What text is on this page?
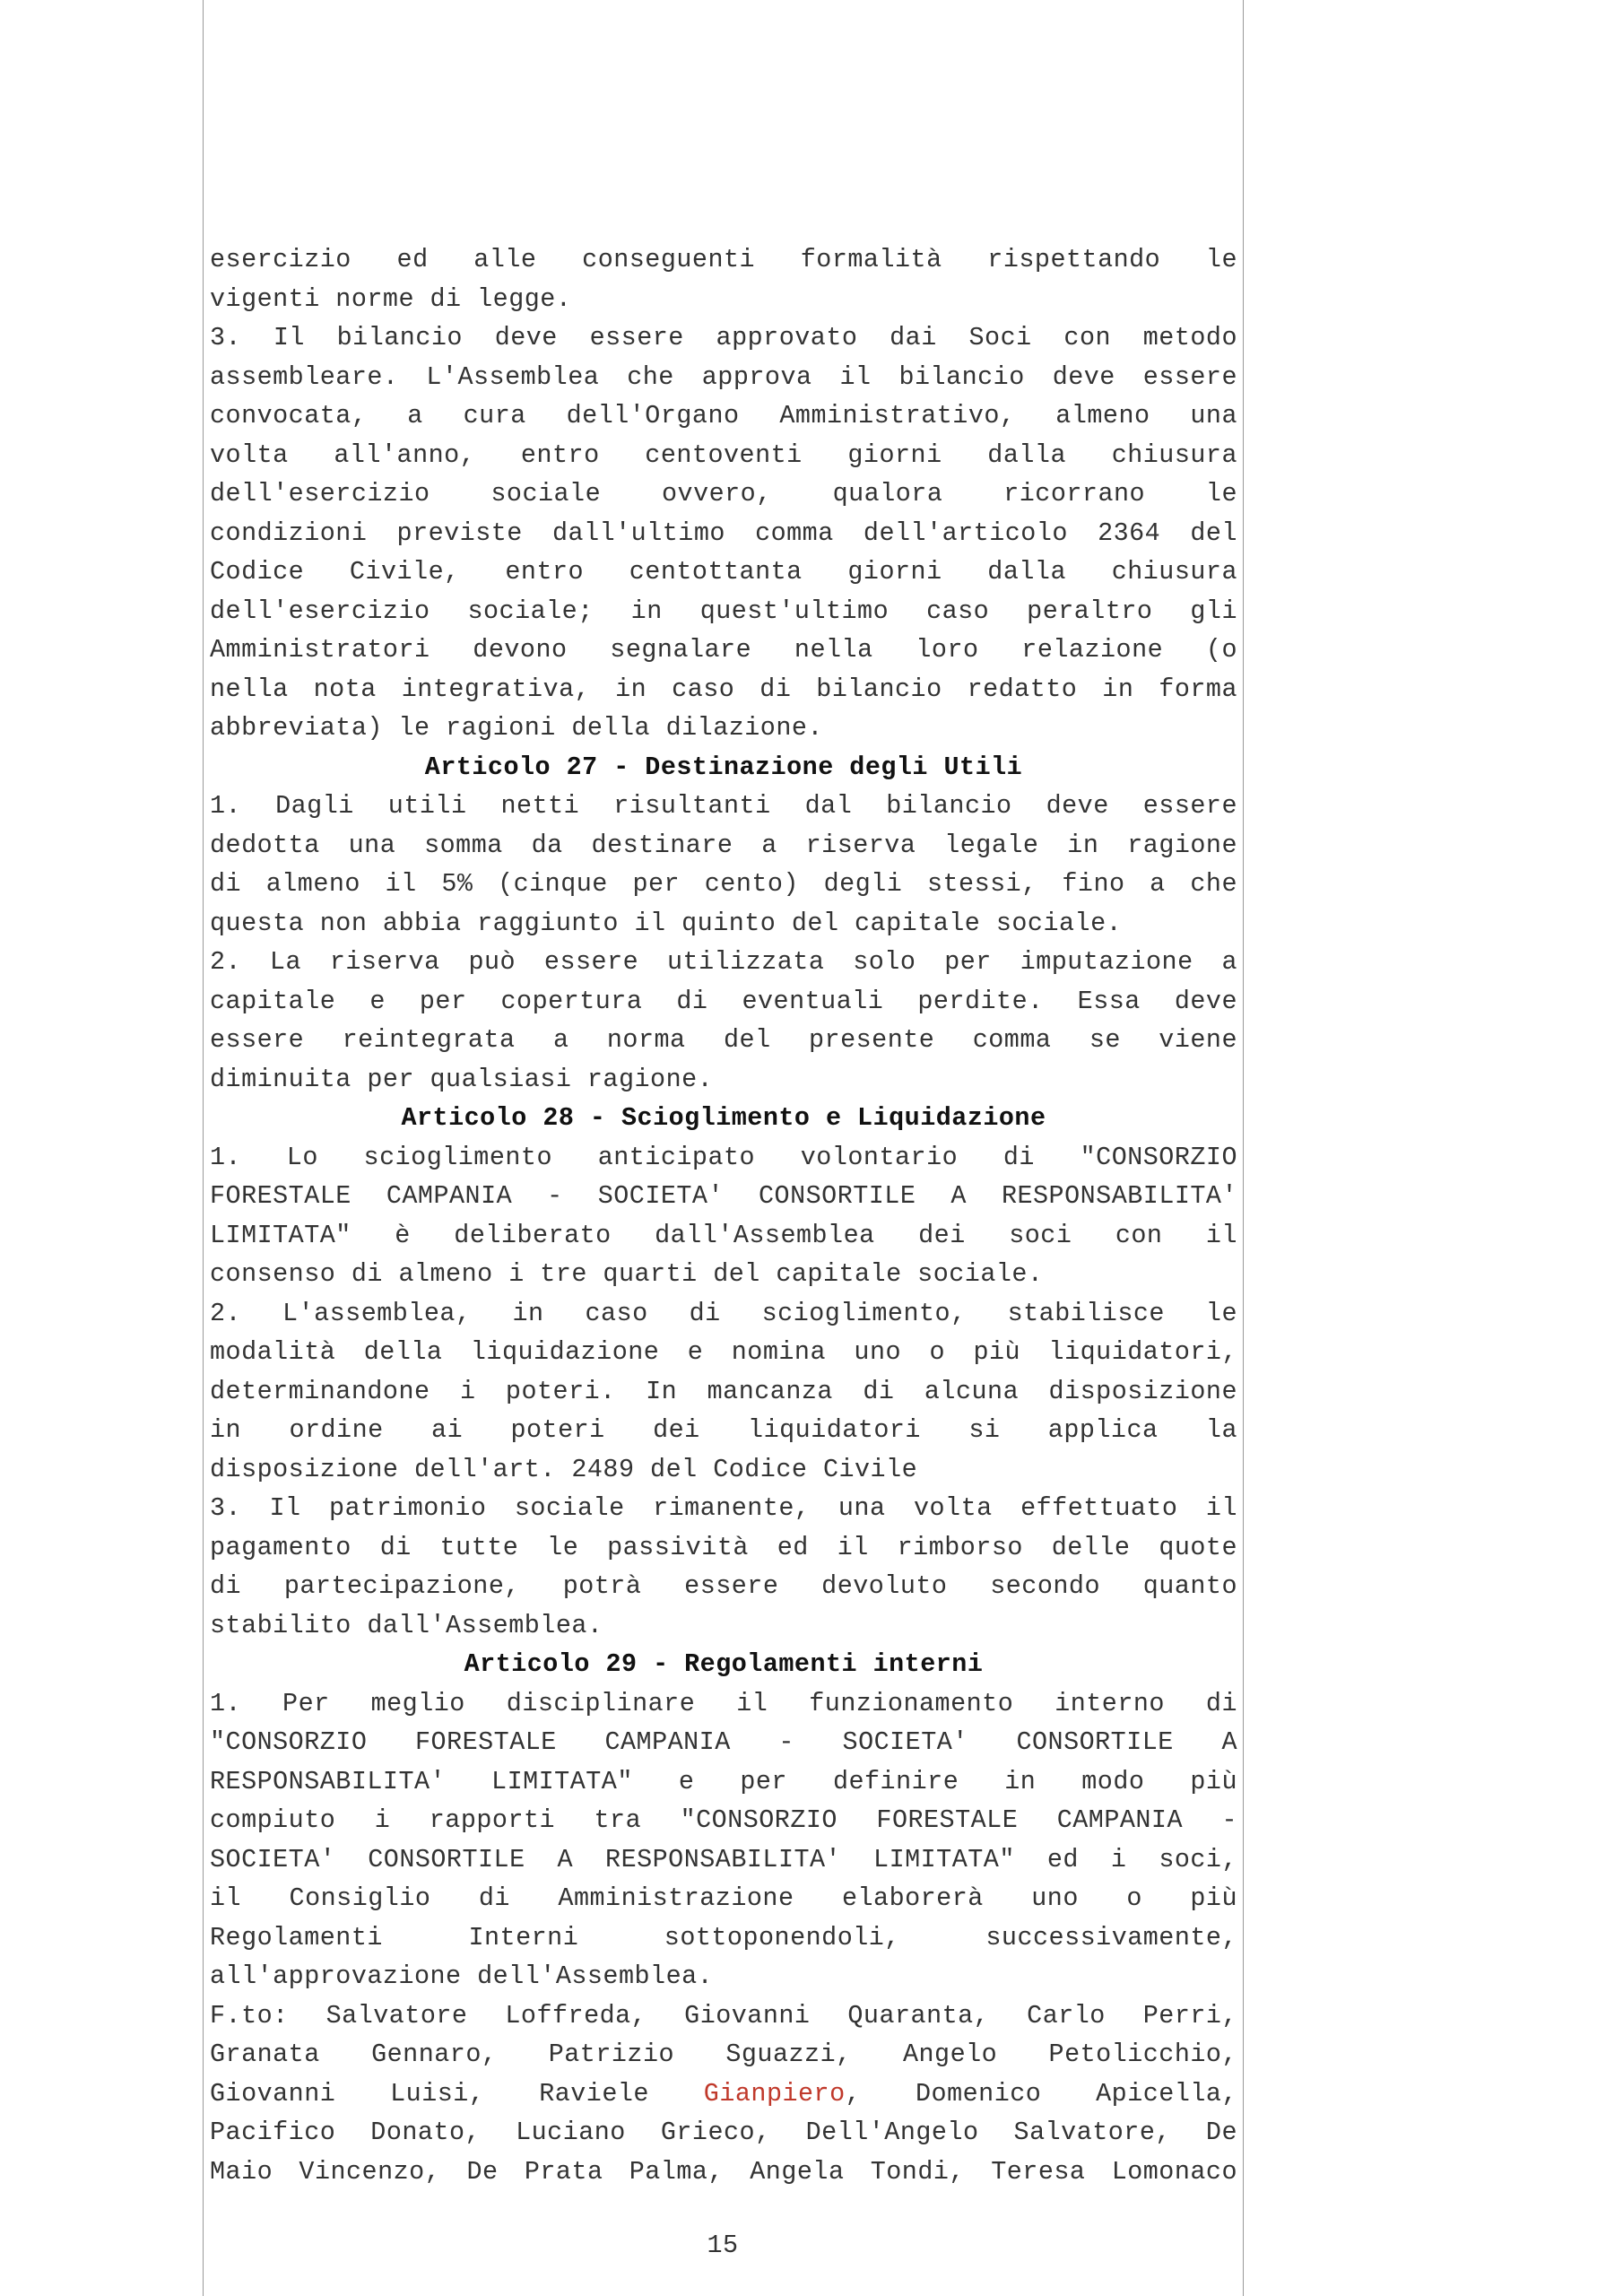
esercizio ed alle conseguenti formalità rispettando le

vigenti norme di legge.

3. Il bilancio deve essere approvato dai Soci con metodo

assembleare. L'Assemblea che approva il bilancio deve essere

convocata, a cura dell'Organo Amministrativo, almeno una

volta all'anno, entro centoventi giorni dalla chiusura

dell'esercizio sociale ovvero, qualora ricorrano le

condizioni previste dall'ultimo comma dell'articolo 2364 del

Codice Civile, entro centottanta giorni dalla chiusura

dell'esercizio sociale; in quest'ultimo caso peraltro gli

Amministratori devono segnalare nella loro relazione (o

nella nota integrativa, in caso di bilancio redatto in forma

abbreviata) le ragioni della dilazione.

Articolo 27 - Destinazione degli Utili

1. Dagli utili netti risultanti dal bilancio deve essere

dedotta una somma da destinare a riserva legale in ragione

di almeno il 5% (cinque per cento) degli stessi, fino a che

questa non abbia raggiunto il quinto del capitale sociale.

2. La riserva può essere utilizzata solo per imputazione a

capitale e per copertura di eventuali perdite. Essa deve

essere reintegrata a norma del presente comma se viene

diminuita per qualsiasi ragione.

Articolo 28 - Scioglimento e Liquidazione

1. Lo scioglimento anticipato volontario di "CONSORZIO

FORESTALE CAMPANIA - SOCIETA' CONSORTILE A RESPONSABILITA'

LIMITATA" è deliberato dall'Assemblea dei soci con il

consenso di almeno i tre quarti del capitale sociale.

2. L'assemblea, in caso di scioglimento, stabilisce le

modalità della liquidazione e nomina uno o più liquidatori,

determinandone i poteri. In mancanza di alcuna disposizione

in ordine ai poteri dei liquidatori si applica la

disposizione dell'art. 2489 del Codice Civile

3. Il patrimonio sociale rimanente, una volta effettuato il

pagamento di tutte le passività ed il rimborso delle quote

di partecipazione, potrà essere devoluto secondo quanto

stabilito dall'Assemblea.

Articolo 29 - Regolamenti interni

1. Per meglio disciplinare il funzionamento interno di

"CONSORZIO FORESTALE CAMPANIA - SOCIETA' CONSORTILE A

RESPONSABILITA' LIMITATA" e per definire in modo più

compiuto i rapporti tra "CONSORZIO FORESTALE CAMPANIA -

SOCIETA' CONSORTILE A RESPONSABILITA' LIMITATA" ed i soci,

il Consiglio di Amministrazione elaborerà uno o più

Regolamenti Interni sottoponendoli, successivamente,

all'approvazione dell'Assemblea.

F.to: Salvatore Loffreda, Giovanni Quaranta, Carlo Perri,

Granata Gennaro, Patrizio Sguazzi, Angelo Petolicchio,

Giovanni Luisi, Raviele Gianpiero, Domenico Apicella,

Pacifico Donato, Luciano Grieco, Dell'Angelo Salvatore, De

Maio Vincenzo, De Prata Palma, Angela Tondi, Teresa Lomonaco

15
